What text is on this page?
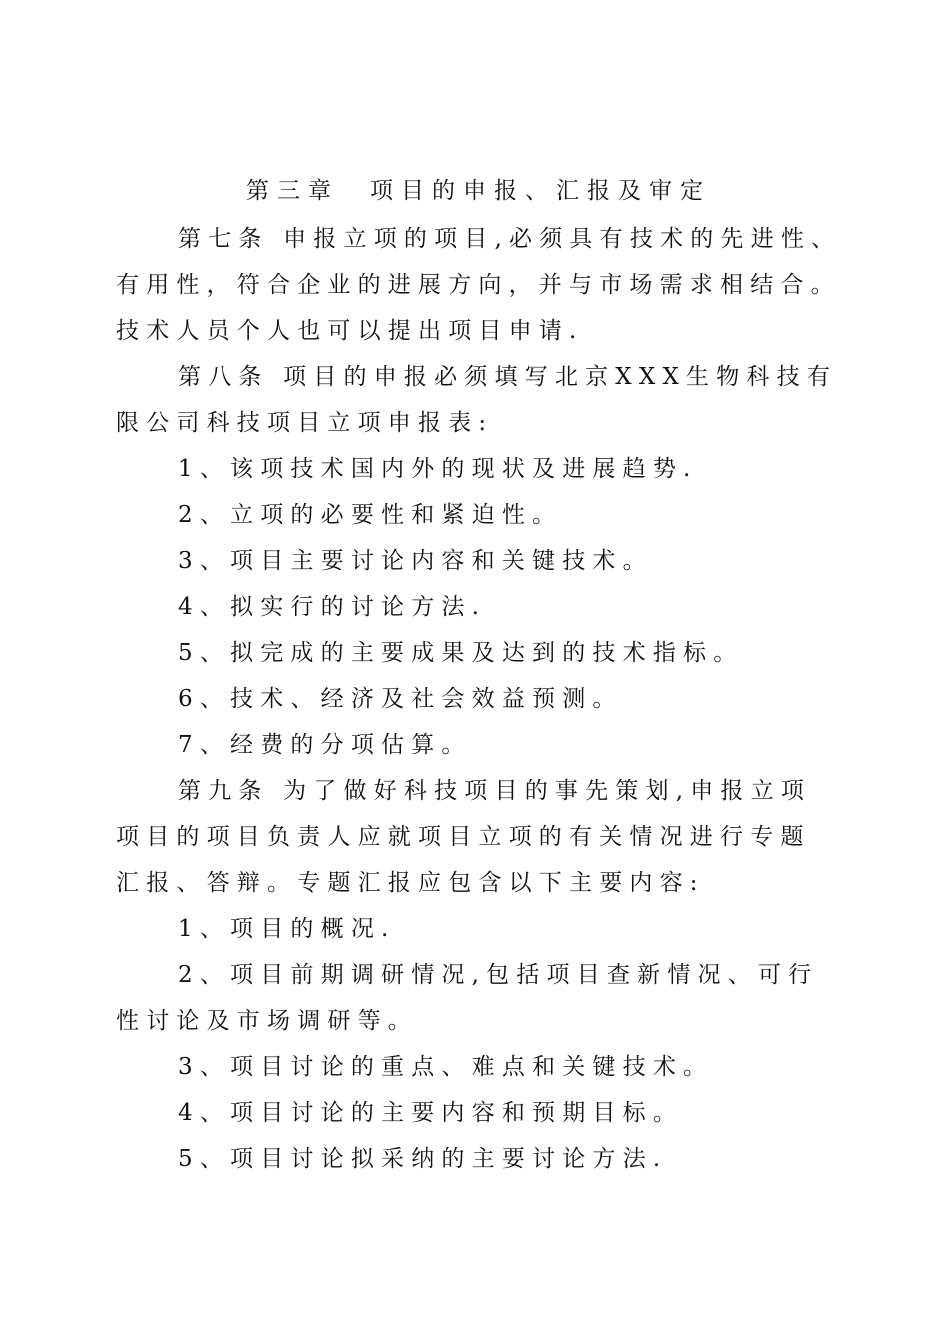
第三章　项目的申报、汇报及审定
第七条 申报立项的项目,必须具有技术的先进性、
有用性，符合企业的进展方向，并与市场需求相结合。
技术人员个人也可以提出项目申请.
第八条 项目的申报必须填写北京XXX生物科技有
限公司科技项目立项申报表:
1、该项技术国内外的现状及进展趋势.
2、立项的必要性和紧迫性。
3、项目主要讨论内容和关键技术。
4、拟实行的讨论方法.
5、拟完成的主要成果及达到的技术指标。
6、技术、经济及社会效益预测。
7、经费的分项估算。
第九条 为了做好科技项目的事先策划,申报立项
项目的项目负责人应就项目立项的有关情况进行专题
汇报、答辩。专题汇报应包含以下主要内容:
1、项目的概况.
2、项目前期调研情况,包括项目查新情况、可行
性讨论及市场调研等。
3、项目讨论的重点、难点和关键技术。
4、项目讨论的主要内容和预期目标。
5、项目讨论拟采纳的主要讨论方法.
